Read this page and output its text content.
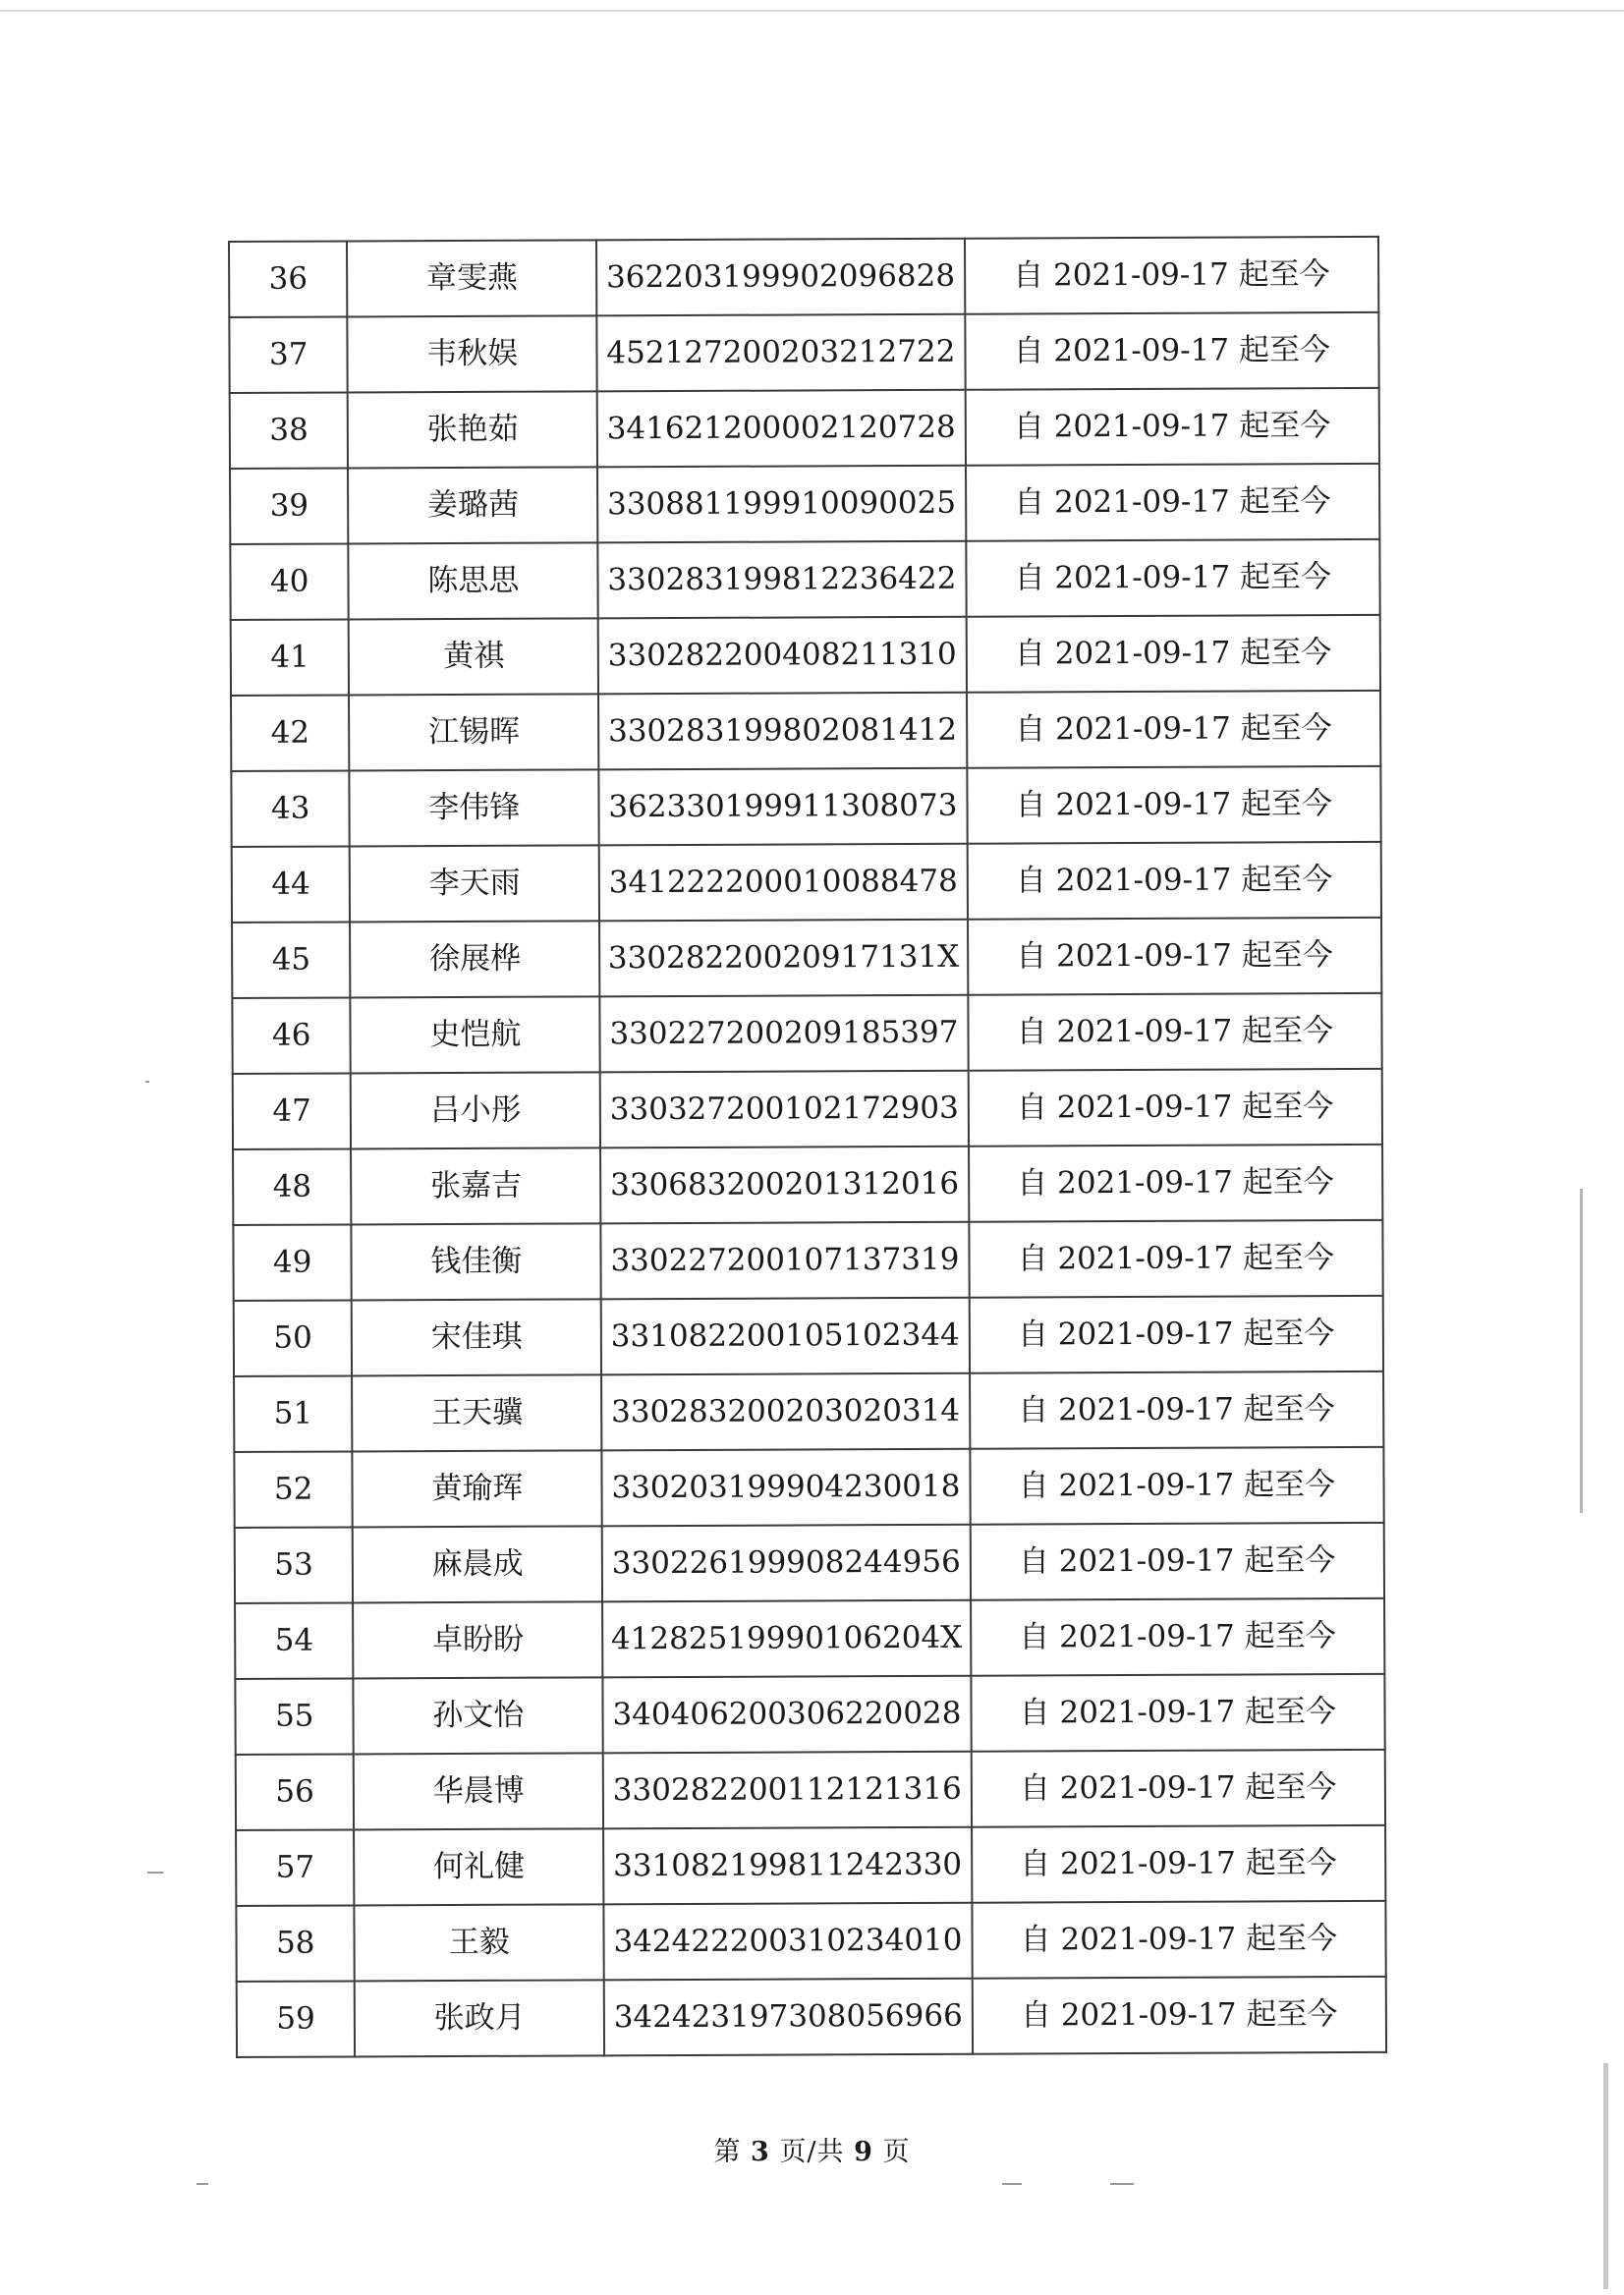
36	章雯燕	362203199902096828	自 2021-09-17 起至今
37	韦秋娱	452127200203212722	自 2021-09-17 起至今
38	张艳茹	341621200002120728	自 2021-09-17 起至今
39	姜璐茜	330881199910090025	自 2021-09-17 起至今
40	陈思思	330283199812236422	自 2021-09-17 起至今
41	黄祺	330282200408211310	自 2021-09-17 起至今
42	江锡晖	330283199802081412	自 2021-09-17 起至今
43	李伟锋	362330199911308073	自 2021-09-17 起至今
44	李天雨	341222200010088478	自 2021-09-17 起至今
45	徐展桦	33028220020917131X	自 2021-09-17 起至今
46	史恺航	330227200209185397	自 2021-09-17 起至今
47	吕小彤	330327200102172903	自 2021-09-17 起至今
48	张嘉吉	330683200201312016	自 2021-09-17 起至今
49	钱佳衡	330227200107137319	自 2021-09-17 起至今
50	宋佳琪	331082200105102344	自 2021-09-17 起至今
51	王天骥	330283200203020314	自 2021-09-17 起至今
52	黄瑜珲	330203199904230018	自 2021-09-17 起至今
53	麻晨成	330226199908244956	自 2021-09-17 起至今
54	卓盼盼	41282519990106204X	自 2021-09-17 起至今
55	孙文怡	340406200306220028	自 2021-09-17 起至今
56	华晨博	330282200112121316	自 2021-09-17 起至今
57	何礼健	331082199811242330	自 2021-09-17 起至今
58	王毅	342422200310234010	自 2021-09-17 起至今
59	张政月	342423197308056966	自 2021-09-17 起至今
第 3 页/共 9 页
